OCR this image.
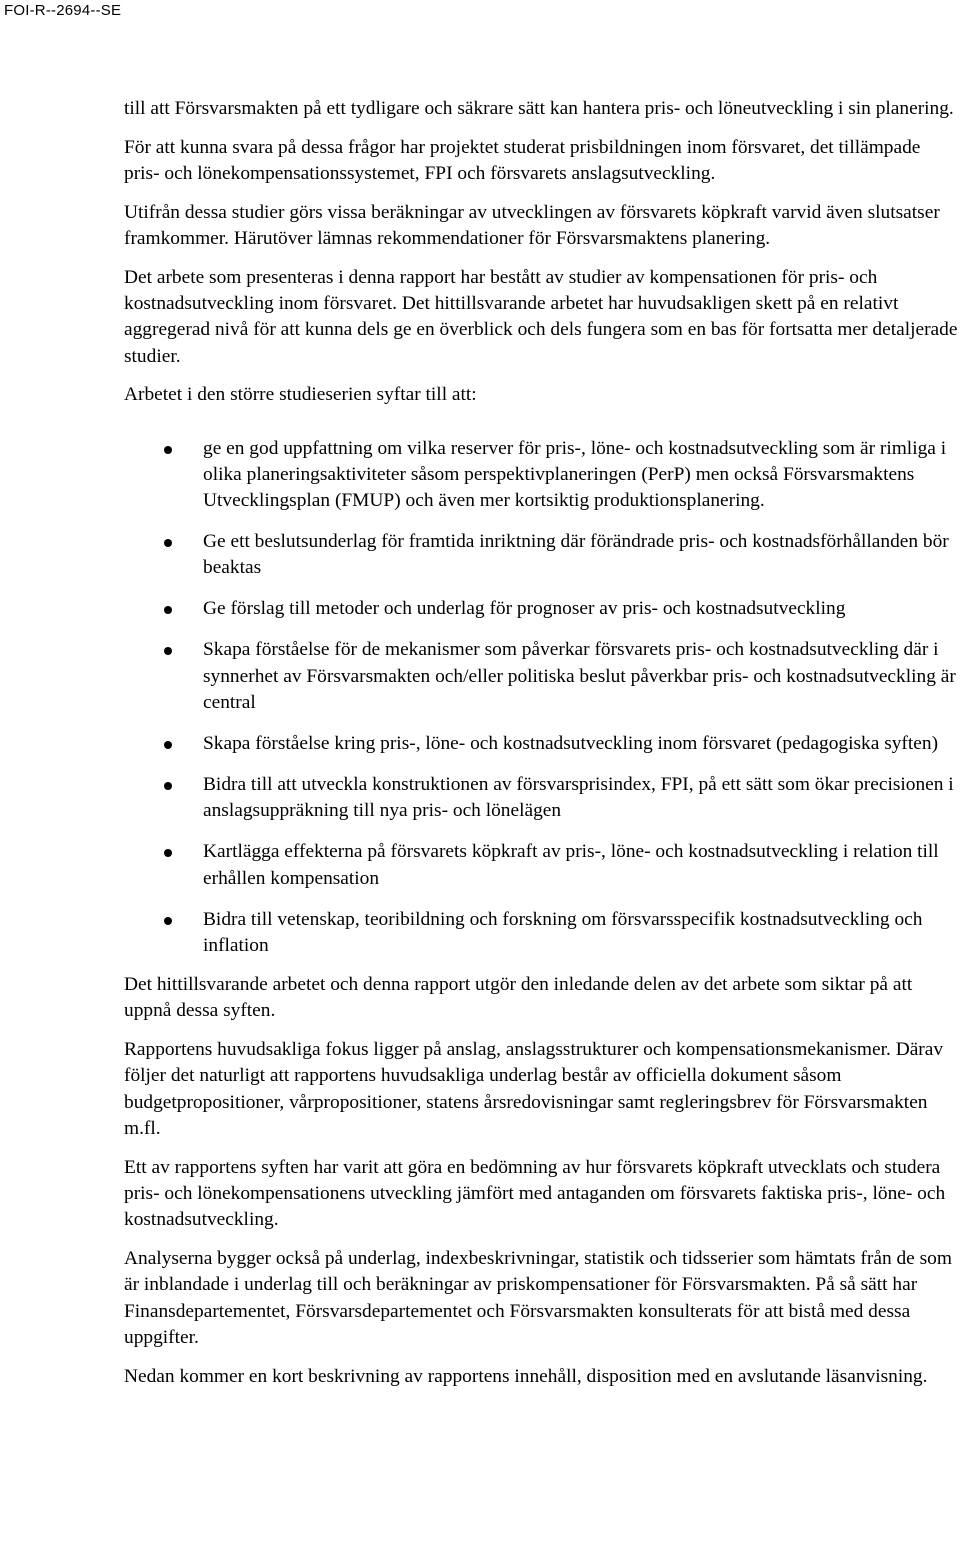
FOI-R--2694--SE

till att Försvarsmakten på ett tydligare och säkrare sätt kan hantera pris- och löneutveckling i sin planering.

För att kunna svara på dessa frågor har projektet studerat prisbildningen inom försvaret, det tillämpade pris- och lönekompensationssystemet, FPI och försvarets anslagsutveckling.

Utifrån dessa studier görs vissa beräkningar av utvecklingen av försvarets köpkraft varvid även slutsatser framkommer. Härutöver lämnas rekommendationer för Försvarsmaktens planering.

Det arbete som presenteras i denna rapport har bestått av studier av kompensationen för pris- och kostnadsutveckling inom försvaret. Det hittillsvarande arbetet har huvudsakligen skett på en relativt aggregerad nivå för att kunna dels ge en överblick och dels fungera som en bas för fortsatta mer detaljerade studier.

Arbetet i den större studieserien syftar till att:

ge en god uppfattning om vilka reserver för pris-, löne- och kostnadsutveckling som är rimliga i olika planeringsaktiviteter såsom perspektivplaneringen (PerP) men också Försvarsmaktens Utvecklingsplan (FMUP) och även mer kortsiktig produktionsplanering.
Ge ett beslutsunderlag för framtida inriktning där förändrade pris- och kostnadsförhållanden bör beaktas
Ge förslag till metoder och underlag för prognoser av pris- och kostnadsutveckling
Skapa förståelse för de mekanismer som påverkar försvarets pris- och kostnadsutveckling där i synnerhet av Försvarsmakten och/eller politiska beslut påverkbar pris- och kostnadsutveckling är central
Skapa förståelse kring pris-, löne- och kostnadsutveckling inom försvaret (pedagogiska syften)
Bidra till att utveckla konstruktionen av försvarsprisindex, FPI, på ett sätt som ökar precisionen i anslagsuppräkning till nya pris- och lönelägen
Kartlägga effekterna på försvarets köpkraft av pris-, löne- och kostnadsutveckling i relation till erhållen kompensation
Bidra till vetenskap, teoribildning och forskning om försvarsspecifik kostnadsutveckling och inflation

Det hittillsvarande arbetet och denna rapport utgör den inledande delen av det arbete som siktar på att uppnå dessa syften.

Rapportens huvudsakliga fokus ligger på anslag, anslagsstrukturer och kompensationsmekanismer. Därav följer det naturligt att rapportens huvudsakliga underlag består av officiella dokument såsom budgetpropositioner, vårpropositioner, statens årsredovisningar samt regleringsbrev för Försvarsmakten m.fl.

Ett av rapportens syften har varit att göra en bedömning av hur försvarets köpkraft utvecklats och studera pris- och lönekompensationens utveckling jämfört med antaganden om försvarets faktiska pris-, löne- och kostnadsutveckling.

Analyserna bygger också på underlag, indexbeskrivningar, statistik och tidsserier som hämtats från de som är inblandade i underlag till och beräkningar av priskompensationer för Försvarsmakten. På så sätt har Finansdepartementet, Försvarsdepartementet och Försvarsmakten konsulterats för att bistå med dessa uppgifter.

Nedan kommer en kort beskrivning av rapportens innehåll, disposition med en avslutande läsanvisning.
